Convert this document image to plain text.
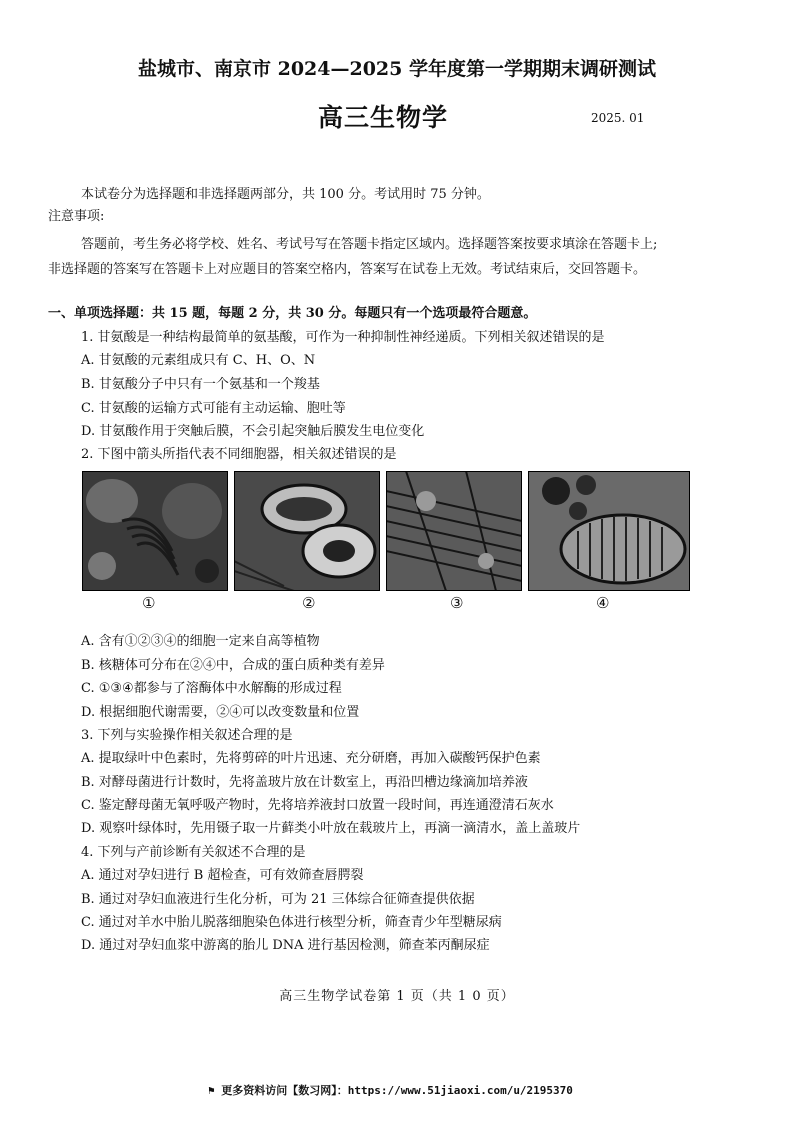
盐城市、南京市 2024—2025 学年度第一学期期末调研测试
高三生物学	2025. 01
本试卷分为选择题和非选择题两部分，共 100 分。考试用时 75 分钟。
注意事项:
答题前，考生务必将学校、姓名、考试号写在答题卡指定区域内。选择题答案按要求填涂在答题卡上;
非选择题的答案写在答题卡上对应题目的答案空格内，答案写在试卷上无效。考试结束后，交回答题卡。
一、单项选择题：共 15 题，每题 2 分，共 30 分。每题只有一个选项最符合题意。
1. 甘氨酸是一种结构最简单的氨基酸，可作为一种抑制性神经递质。下列相关叙述错误的是
A. 甘氨酸的元素组成只有 C、H、O、N
B. 甘氨酸分子中只有一个氨基和一个羧基
C. 甘氨酸的运输方式可能有主动运输、胞吐等
D. 甘氨酸作用于突触后膜，不会引起突触后膜发生电位变化
2. 下图中箭头所指代表不同细胞器，相关叙述错误的是
①	②	③	④
A. 含有①②③④的细胞一定来自高等植物
B. 核糖体可分布在②④中，合成的蛋白质种类有差异
C. ①③④都参与了溶酶体中水解酶的形成过程
D. 根据细胞代谢需要，②④可以改变数量和位置
3. 下列与实验操作相关叙述合理的是
A. 提取绿叶中色素时，先将剪碎的叶片迅速、充分研磨，再加入碳酸钙保护色素
B. 对酵母菌进行计数时，先将盖玻片放在计数室上，再沿凹槽边缘滴加培养液
C. 鉴定酵母菌无氧呼吸产物时，先将培养液封口放置一段时间，再连通澄清石灰水
D. 观察叶绿体时，先用镊子取一片藓类小叶放在载玻片上，再滴一滴清水，盖上盖玻片
4. 下列与产前诊断有关叙述不合理的是
A. 通过对孕妇进行 B 超检查，可有效筛查唇腭裂
B. 通过对孕妇血液进行生化分析，可为 21 三体综合征筛查提供依据
C. 通过对羊水中胎儿脱落细胞染色体进行核型分析，筛查青少年型糖尿病
D. 通过对孕妇血浆中游离的胎儿 DNA 进行基因检测，筛查苯丙酮尿症
高三生物学试卷第 1 页（共 1 0 页）
⚑ 更多资料访问【数习网】：https://www.51jiaoxi.com/u/2195370
